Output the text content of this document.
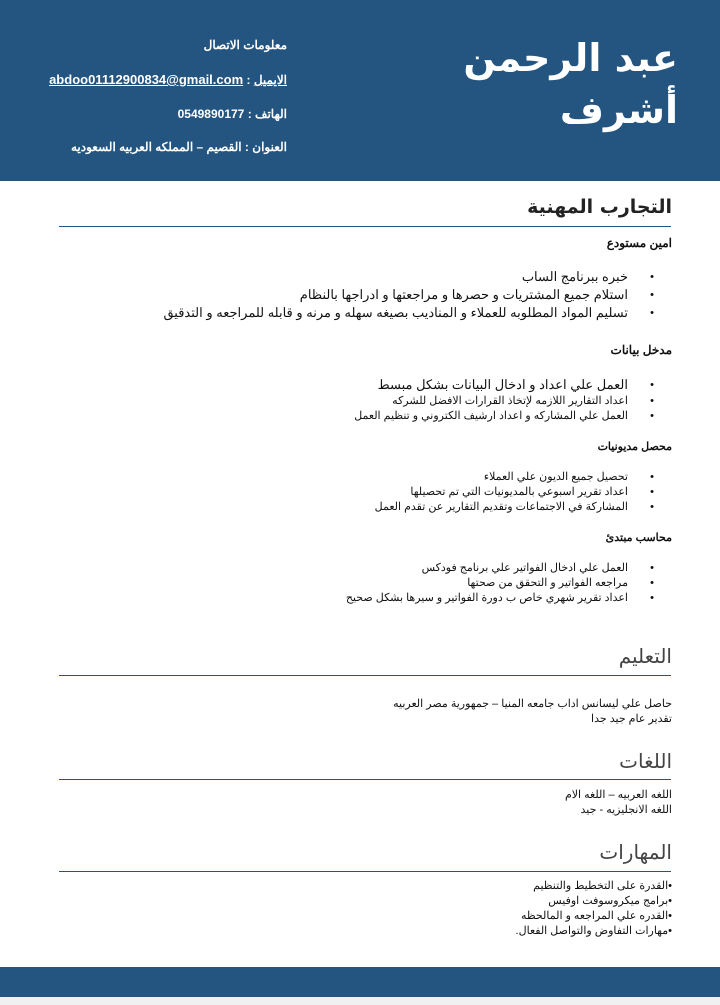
عبد الرحمن
أشرف
معلومات الاتصال
الايميل : abdoo01112900834@gmail.com
الهاتف : 0549890177
العنوان : القصيم – المملكه العربيه السعوديه
التجارب المهنية
امين مستودع
• خبره ببرنامج الساب
• استلام جميع المشتريات و حصرها و مراجعتها و ادراجها بالنظام
• تسليم المواد المطلوبه للعملاء و المناديب بصيغه سهله و مرنه و قابله للمراجعه و التدقيق
مدخل بيانات
• العمل علي اعداد و ادخال البيانات بشكل مبسط
• اعداد التقارير اللازمه لإتخاذ القرارات الافضل للشركه
• العمل علي المشاركه و اعداد ارشيف الكتروني و تنظيم العمل
محصل مديونيات
• تحصيل جميع الديون علي العملاء
• اعداد تقرير اسبوعي بالمديونيات التي تم تحصيلها
• المشاركة في الاجتماعات وتقديم التقارير عن تقدم العمل
محاسب مبتدئ
• العمل علي ادخال الفواتير علي برنامج فودكس
• مراجعه الفواتير و التحقق من صحتها
• اعداد تقرير شهري خاص ب دورة الفواتير و سيرها بشكل صحيح
التعليم
حاصل علي ليسانس اداب جامعه المنيا – جمهورية مصر العربيه
تقدير عام جيد جدا
اللغات
اللغه العربيه – اللغه الام
اللغه الانجليزيه - جيد
المهارات
•القدرة على التخطيط والتنظيم
•برامج ميكروسوفت اوفيس
•القدره علي المراجعه و المالحظه
•مهارات التفاوض والتواصل الفعال.
